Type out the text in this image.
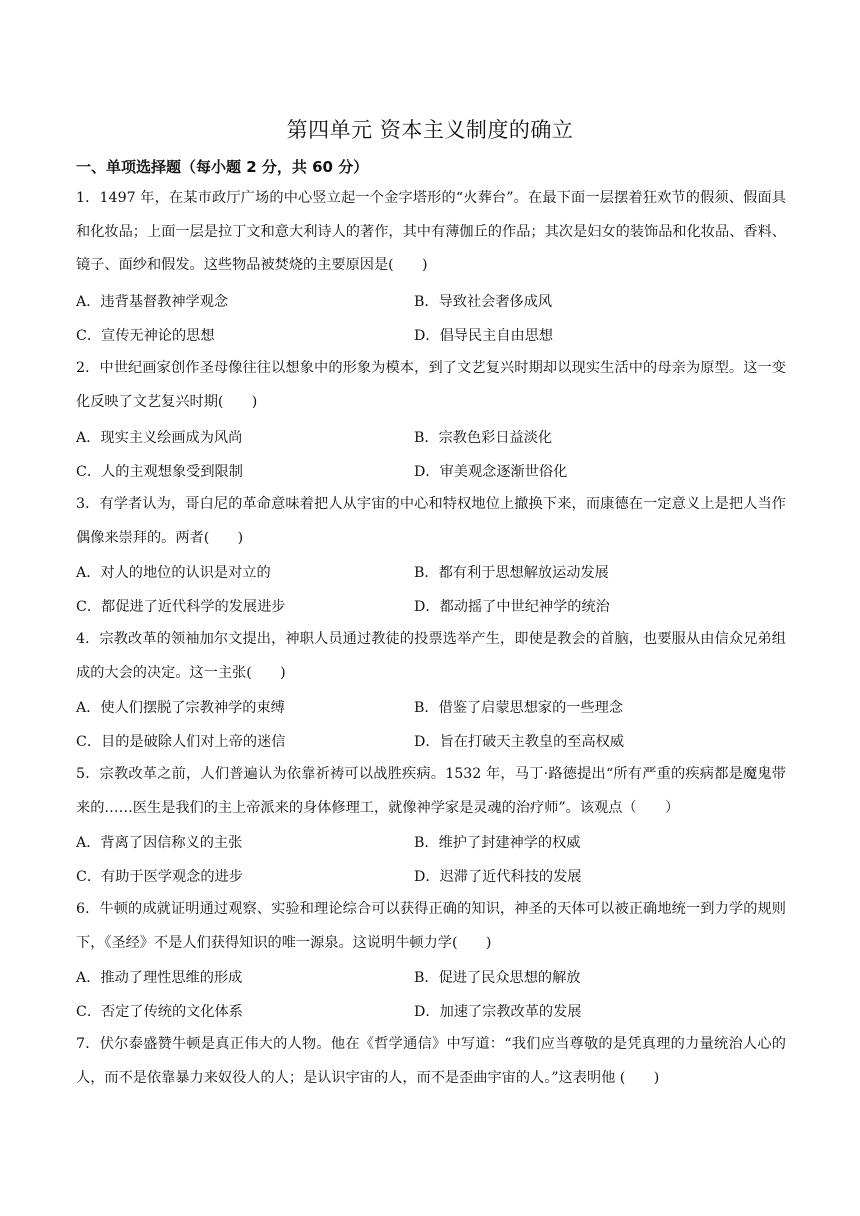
第四单元 资本主义制度的确立
一、单项选择题（每小题 2 分，共 60 分）
1．1497 年，在某市政厅广场的中心竖立起一个金字塔形的“火葬台”。在最下面一层摆着狂欢节的假须、假面具和化妆品；上面一层是拉丁文和意大利诗人的著作，其中有薄伽丘的作品；其次是妇女的装饰品和化妆品、香料、镜子、面纱和假发。这些物品被焚烧的主要原因是(　　)
A．违背基督教神学观念	B．导致社会奢侈成风
C．宣传无神论的思想	D．倡导民主自由思想
2．中世纪画家创作圣母像往往以想象中的形象为模本，到了文艺复兴时期却以现实生活中的母亲为原型。这一变化反映了文艺复兴时期(　　)
A．现实主义绘画成为风尚	B．宗教色彩日益淡化
C．人的主观想象受到限制	D．审美观念逐渐世俗化
3．有学者认为，哥白尼的革命意味着把人从宇宙的中心和特权地位上撤换下来，而康德在一定意义上是把人当作偶像来崇拜的。两者(　　)
A．对人的地位的认识是对立的	B．都有利于思想解放运动发展
C．都促进了近代科学的发展进步	D．都动摇了中世纪神学的统治
4．宗教改革的领袖加尔文提出，神职人员通过教徒的投票选举产生，即使是教会的首脑，也要服从由信众兄弟组成的大会的决定。这一主张(　　)
A．使人们摆脱了宗教神学的束缚	B．借鉴了启蒙思想家的一些理念
C．目的是破除人们对上帝的迷信	D．旨在打破天主教皇的至高权威
5．宗教改革之前，人们普遍认为依靠祈祷可以战胜疾病。1532 年，马丁·路德提出“所有严重的疾病都是魔鬼带来的……医生是我们的主上帝派来的身体修理工，就像神学家是灵魂的治疗师”。该观点（　　）
A．背离了因信称义的主张	B．维护了封建神学的权威
C．有助于医学观念的进步	D．迟滞了近代科技的发展
6．牛顿的成就证明通过观察、实验和理论综合可以获得正确的知识，神圣的天体可以被正确地统一到力学的规则下，《圣经》不是人们获得知识的唯一源泉。这说明牛顿力学(　　)
A．推动了理性思维的形成	B．促进了民众思想的解放
C．否定了传统的文化体系	D．加速了宗教改革的发展
7．伏尔泰盛赞牛顿是真正伟大的人物。他在《哲学通信》中写道：“我们应当尊敬的是凭真理的力量统治人心的人，而不是依靠暴力来奴役人的人；是认识宇宙的人，而不是歪曲宇宙的人。”这表明他 (　　)
